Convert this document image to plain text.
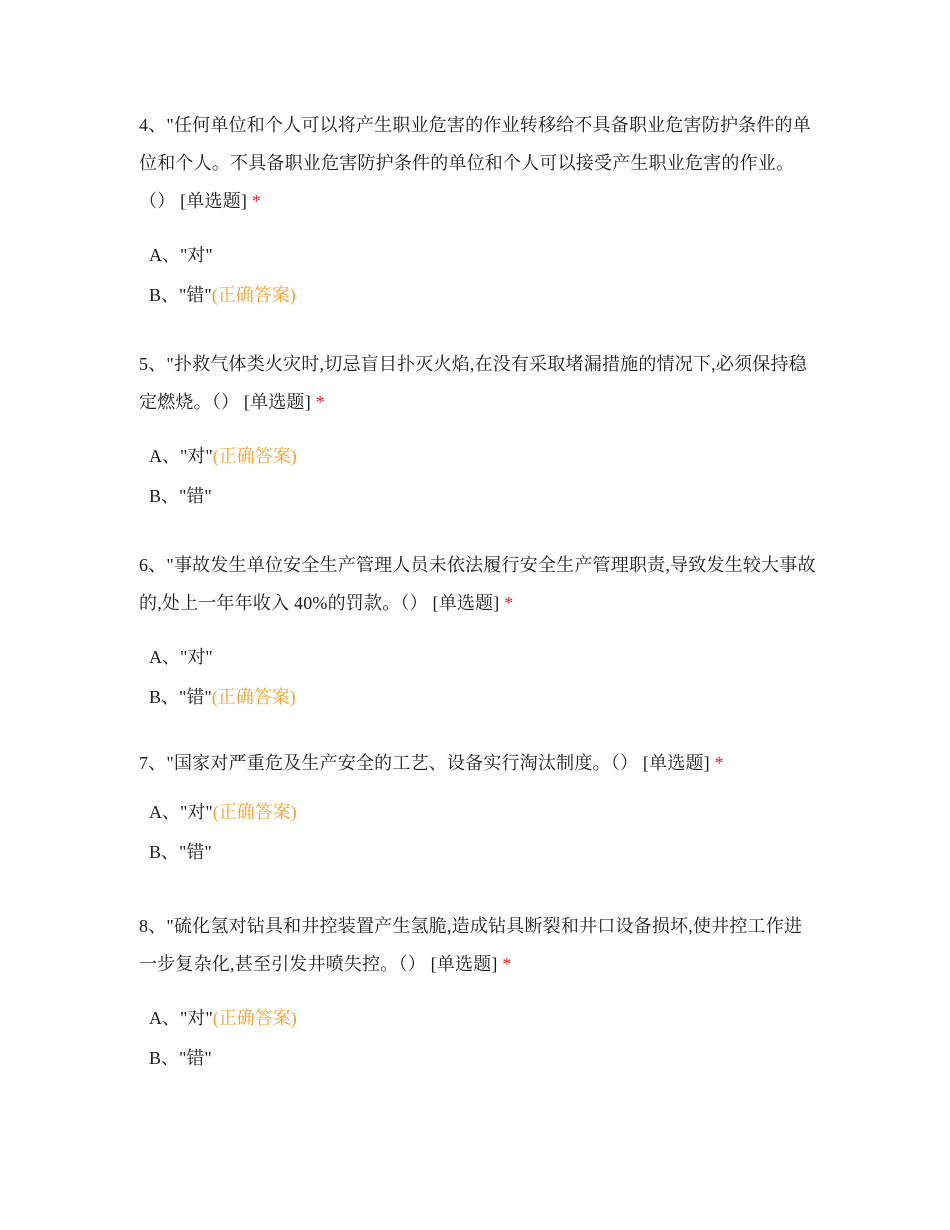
4、"任何单位和个人可以将产生职业危害的作业转移给不具备职业危害防护条件的单位和个人。不具备职业危害防护条件的单位和个人可以接受产生职业危害的作业。（） [单选题] *

A、"对"

B、"错"(正确答案)

5、"扑救气体类火灾时,切忌盲目扑灭火焰,在没有采取堵漏措施的情况下,必须保持稳定燃烧。（） [单选题] *

A、"对"(正确答案)

B、"错"

6、"事故发生单位安全生产管理人员未依法履行安全生产管理职责,导致发生较大事故的,处上一年年收入 40%的罚款。（） [单选题] *

A、"对"

B、"错"(正确答案)

7、"国家对严重危及生产安全的工艺、设备实行淘汰制度。（） [单选题] *

A、"对"(正确答案)

B、"错"

8、"硫化氢对钻具和井控装置产生氢脆,造成钻具断裂和井口设备损坏,使井控工作进一步复杂化,甚至引发井喷失控。（） [单选题] *

A、"对"(正确答案)

B、"错"
